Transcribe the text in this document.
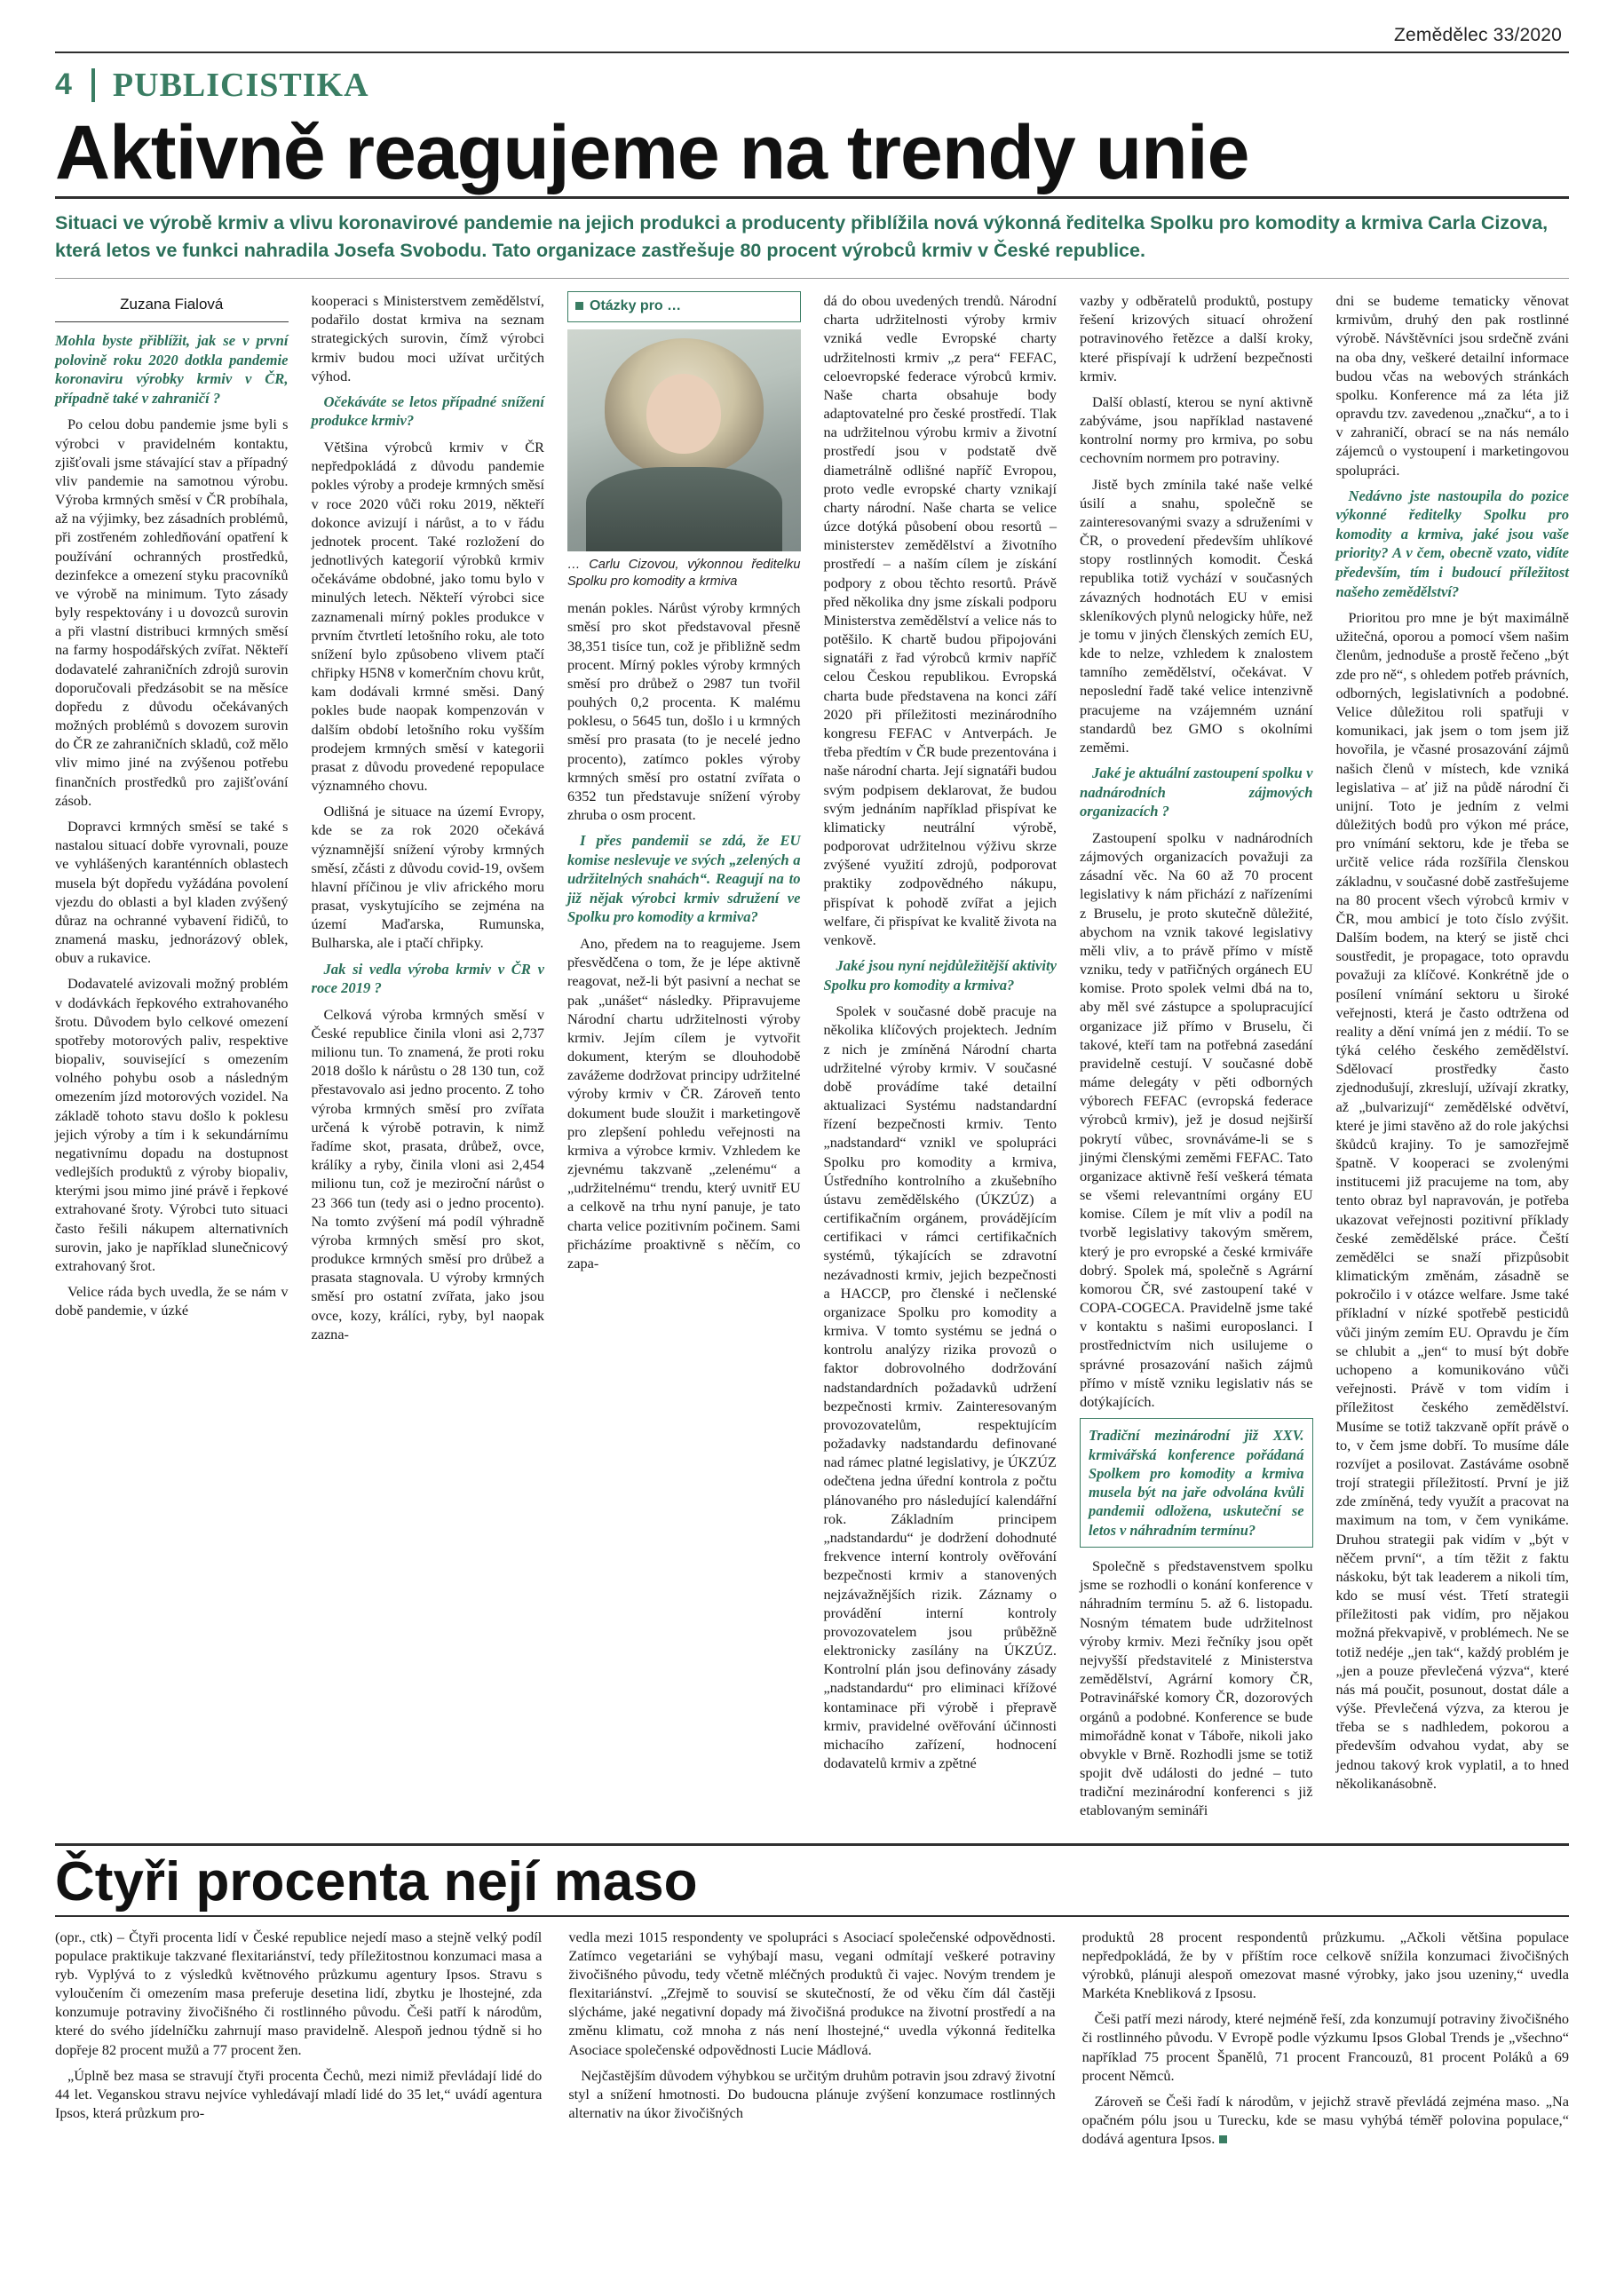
Zemědělec 33/2020
4	PUBLICISTIKA
Aktivně reagujeme na trendy unie
Situaci ve výrobě krmiv a vlivu koronavirové pandemie na jejich produkci a producenty přiblížila nová výkonná ředitelka Spolku pro komodity a krmiva Carla Cizova, která letos ve funkci nahradila Josefa Svobodu. Tato organizace zastřešuje 80 procent výrobců krmiv v České republice.
Zuzana Fialová

Mohla byste přiblížit, jak se v první polovině roku 2020 dotkla pandemie koronaviru výrobky krmiv v ČR, případně také v zahraničí ?

Po celou dobu pandemie jsme byli s výrobci v pravidelném kontaktu, zjišťovali jsme stávající stav a případný vliv pandemie na samotnou výrobu. Výroba krmných směsí v ČR probíhala, až na výjimky, bez zásadních problémů, při zostřeném zohledňování opatření k používání ochranných prostředků, dezinfekce a omezení styku pracovníků ve výrobě na minimum. Tyto zásady byly respektovány i u dovozců surovin a při vlastní distribuci krmných směsí na farmy hospodářských zvířat. Někteří dodavatelé zahraničních zdrojů surovin doporučovali předzásobit se na měsíce dopředu z důvodu očekávaných možných problémů s dovozem surovin do ČR ze zahraničních skladů, což mělo vliv mimo jiné na zvýšenou potřebu finančních prostředků pro zajišťování zásob.

Dopravci krmných směsí se také s nastalou situací dobře vyrovnali, pouze ve vyhlášených karanténních oblastech musela být dopředu vyžádána povolení vjezdu do oblasti a byl kladen zvýšený důraz na ochranné vybavení řidičů, to znamená masku, jednorázový oblek, obuv a rukavice.

Dodavatelé avizovali možný problém v dodávkách řepkového extrahovaného šrotu. Důvodem bylo celkové omezení spotřeby motorových paliv, respektive biopaliv, související s omezením volného pohybu osob a následným omezením jízd motorových vozidel. Na základě tohoto stavu došlo k poklesu jejich výroby a tím i k sekundárnímu negativnímu dopadu na dostupnost vedlejších produktů z výroby biopaliv, kterými jsou mimo jiné právě i řepkové extrahované šroty. Výrobci tuto situaci často řešili nákupem alternativních surovin, jako je například slunečnicový extrahovaný šrot.

Velice ráda bych uvedla, že se nám v době pandemie, v úzké

kooperaci s Ministerstvem zemědělství, podařilo dostat krmiva na seznam strategických surovin, čímž výrobci krmiv budou moci užívat určitých výhod.

Očekáváte se letos případné snížení produkce krmiv?

Většina výrobců krmiv v ČR nepředpokládá z důvodu pandemie pokles výroby a prodeje krmných směsí v roce 2020 vůči roku 2019, někteří dokonce avizují i nárůst, a to v řádu jednotek procent. Také rozložení do jednotlivých kategorií výrobků krmiv očekáváme obdobné, jako tomu bylo v minulých letech. Někteří výrobci sice zaznamenali mírný pokles produkce v prvním čtvrtletí letošního roku, ale toto snížení bylo způsobeno vlivem ptačí chřipky H5N8 v komerčním chovu krůt, kam dodávali krmné směsi. Daný pokles bude naopak kompenzován v dalším období letošního roku vyšším prodejem krmných směsí v kategorii prasat z důvodu provedené repopulace významného chovu.

Odlišná je situace na území Evropy, kde se za rok 2020 očekává významnější snížení výroby krmných směsí, zčásti z důvodu covid-19, ovšem hlavní příčinou je vliv afrického moru prasat, vyskytujícího se zejména na území Maďarska, Rumunska, Bulharska, ale i ptačí chřipky.

Jak si vedla výroba krmiv v ČR v roce 2019 ?

Celková výroba krmných směsí v České republice činila vloni asi 2,737 milionu tun. To znamená, že proti roku 2018 došlo k nárůstu o 28 130 tun, což přestavovalo asi jedno procento. Z toho výroba krmných směsí pro zvířata určená k výrobě potravin, k nimž řadíme skot, prasata, drůbež, ovce, králíky a ryby, činila vloni asi 2,454 milionu tun, což je meziroční nárůst o 23 366 tun (tedy asi o jedno procento). Na tomto zvýšení má podíl výhradně výroba krmných směsí pro skot, produkce krmných směsí pro drůbež a prasata stagnovala. U výroby krmných směsí pro ostatní zvířata, jako jsou ovce, kozy, králíci, ryby, byl naopak zazna-

Otázky pro …
… Carlu Cizovou, výkonnou ředitelku Spolku pro komodity a krmiva

menán pokles. Nárůst výroby krmných směsí pro skot představoval přesně 38,351 tisíce tun, což je přibližně sedm procent. Mírný pokles výroby krmných směsí pro drůbež o 2987 tun tvořil pouhých 0,2 procenta. K malému poklesu, o 5645 tun, došlo i u krmných směsí pro prasata (to je necelé jedno procento), zatímco pokles výroby krmných směsí pro ostatní zvířata o 6352 tun představuje snížení výroby zhruba o osm procent.

I přes pandemii se zdá, že EU komise neslevuje ve svých „zelených a udržitelných snahách“. Reagují na to již nějak výrobci krmiv sdružení ve Spolku pro komodity a krmiva?

Ano, předem na to reagujeme. Jsem přesvědčena o tom, že je lépe aktivně reagovat, než-li být pasivní a nechat se pak „unášet“ následky. Připravujeme Národní chartu udržitelnosti výroby krmiv. Jejím cílem je vytvořit dokument, kterým se dlouhodobě zavážeme dodržovat principy udržitelné výroby krmiv v ČR. Zároveň tento dokument bude sloužit i marketingově pro zlepšení pohledu veřejnosti na krmiva a výrobce krmiv. Vzhledem ke zjevnému takzvaně „zelenému“ a „udržitelnému“ trendu, který uvnitř EU a celkově na trhu nyní panuje, je tato charta velice pozitivním počinem. Sami přicházíme proaktivně s něčím, co zapa-

dá do obou uvedených trendů. Národní charta udržitelnosti výroby krmiv vzniká vedle Evropské charty udržitelnosti krmiv „z pera“ FEFAC, celoevropské federace výrobců krmiv. Naše charta obsahuje body adaptovatelné pro české prostředí. Tlak na udržitelnou výrobu krmiv a životní prostředí jsou v podstatě dvě diametrálně odlišné napříč Evropou, proto vedle evropské charty vznikají charty národní. Naše charta se velice úzce dotýká působení obou resortů – ministerstev zemědělství a životního prostředí – a naším cílem je získání podpory z obou těchto resortů. Právě před několika dny jsme získali podporu Ministerstva zemědělství a velice nás to potěšilo. K chartě budou připojováni signatáři z řad výrobců krmiv napříč celou Českou republikou. Evropská charta bude představena na konci září 2020 při příležitosti mezinárodního kongresu FEFAC v Antverpách. Je třeba předtím v ČR bude prezentována i naše národní charta. Její signatáři budou svým podpisem deklarovat, že budou svým jednáním například přispívat ke klimaticky neutrální výrobě, podporovat udržitelnou výživu skrze zvýšené využití zdrojů, podporovat praktiky zodpovědného nákupu, přispívat k pohodě zvířat a jejich welfare, či přispívat ke kvalitě života na venkově.

Jaké jsou nyní nejdůležitější aktivity Spolku pro komodity a krmiva?

Spolek v současné době pracuje na několika klíčových projektech. Jedním z nich je zmíněná Národní charta udržitelné výroby krmiv. V současné době provádíme také detailní aktualizaci Systému nadstandardní řízení bezpečnosti krmiv. Tento „nadstandard“ vznikl ve spolupráci Spolku pro komodity a krmiva, Ústředního kontrolního a zkušebního ústavu zemědělského (ÚKZÚZ) a certifikačním orgánem, provádějícím certifikaci v rámci certifikačních systémů, týkajících se zdravotní nezávadnosti krmiv, jejich bezpečnosti a HACCP, pro členské i nečlenské organizace Spolku pro komodity a krmiva. V tomto systému se jedná o kontrolu analýzy rizika provozů o faktor dobrovolného dodržování nadstandardních požadavků udržení bezpečnosti krmiv. Zainteresovaným provozovatelům, respektujícím požadavky nadstandardu definované nad rámec platné legislativy, je ÚKZÚZ odečtena jedna úřední kontrola z počtu plánovaného pro následující kalendářní rok. Základním principem „nadstandardu“ je dodržení dohodnuté frekvence interní kontroly ověřování bezpečnosti krmiv a stanovených nejzávažnějších rizik. Záznamy o provádění interní kontroly provozovatelem jsou průběžně elektronicky zasílány na ÚKZÚZ. Kontrolní plán jsou definovány zásady „nadstandardu“ pro eliminaci křížové kontaminace při výrobě i přepravě krmiv, pravidelné ověřování účinnosti michacího zařízení, hodnocení dodavatelů krmiv a zpětné

vazby y odběratelů produktů, postupy řešení krizových situací ohrožení potravinového řetězce a další kroky, které přispívají k udržení bezpečnosti krmiv.

Další oblastí, kterou se nyní aktivně zabýváme, jsou například nastavené kontrolní normy pro krmiva, po sobu cechovním normem pro potraviny.

Jistě bych zmínila také naše velké úsilí a snahu, společně se zainteresovanými svazy a sdruženími v ČR, o provedení především uhlíkové stopy rostlinných komodit. Česká republika totiž vychází v současných závazných hodnotách EU v emisi skleníkových plynů nelogicky hůře, než je tomu v jiných členských zemích EU, kde to nelze, vzhledem k znalostem tamního zemědělství, očekávat. V neposlední řadě také velice intenzivně pracujeme na vzájemném uznání standardů bez GMO s okolními zeměmi.

Jaké je aktuální zastoupení spolku v nadnárodních zájmových organizacích ?

Zastoupení spolku v nadnárodních zájmových organizacích považuji za zásadní věc. Na 60 až 70 procent legislativy k nám přichází z nařízeními z Bruselu, je proto skutečně důležité, abychom na vznik takové legislativy měli vliv, a to právě přímo v místě vzniku, tedy v patřičných orgánech EU komise. Proto spolek velmi dbá na to, aby měl své zástupce a spolupracující organizace již přímo v Bruselu, či takové, kteří tam na potřebná zasedání pravidelně cestují. V současné době máme delegáty v pěti odborných výborech FEFAC (evropská federace výrobců krmiv), jež je dosud nejširší pokrytí vůbec, srovnáváme-li se s jinými členskými zeměmi FEFAC. Tato organizace aktivně řeší veškerá témata se všemi relevantními orgány EU komise. Cílem je mít vliv a podíl na tvorbě legislativy takovým směrem, který je pro evropské a české krmiváře dobrý. Spolek má, společně s Agrární komorou ČR, své zastoupení také v COPA-COGECA. Pravidelně jsme také v kontaktu s našimi europoslanci. I prostřednictvím nich usilujeme o správné prosazování našich zájmů přímo v místě vzniku legislativ nás se dotýkajících.

Tradiční mezinárodní již XXV. krmivářská konference pořádaná Spolkem pro komodity a krmiva musela být na jaře odvolána kvůli pandemii odložena, uskuteční se letos v náhradním termínu?

Společně s představenstvem spolku jsme se rozhodli o konání konference v náhradním termínu 5. až 6. listopadu. Nosným tématem bude udržitelnost výroby krmiv. Mezi řečníky jsou opět nejvyšší představitelé z Ministerstva zemědělství, Agrární komory ČR, Potravinářské komory ČR, dozorových orgánů a podobné. Konference se bude mimořádně konat v Táboře, nikoli jako obvykle v Brně. Rozhodli jsme se totiž spojit dvě události do jedné – tuto tradiční mezinárodní konferenci s již etablovaným semináři

dni se budeme tematicky věnovat krmivům, druhý den pak rostlinné výrobě. Návštěvníci jsou srdečně zváni na oba dny, veškeré detailní informace budou včas na webových stránkách spolku. Konference má za léta již opravdu tzv. zavedenou „značku“, a to i v zahraničí, obrací se na nás nemálo zájemců o vystoupení i marketingovou spolupráci.

Nedávno jste nastoupila do pozice výkonné ředitelky Spolku pro komodity a krmiva, jaké jsou vaše priority? A v čem, obecně vzato, vidíte především, tím i budoucí příležitost našeho zemědělství?

Prioritou pro mne je být maximálně užitečná, oporou a pomocí všem našim členům, jednoduše a prostě řečeno „být zde pro ně“, s ohledem potřeb právních, odborných, legislativních a podobné. Velice důležitou roli spatřuji v komunikaci, jak jsem o tom jsem již hovořila, je včasné prosazování zájmů našich členů v místech, kde vzniká legislativa – ať již na půdě národní či unijní. Toto je jedním z velmi důležitých bodů pro výkon mé práce, pro vnímání sektoru, kde je třeba se určitě velice ráda rozšířila členskou základnu, v současné době zastřešujeme na 80 procent všech výrobců krmiv v ČR, mou ambicí je toto číslo zvýšit. Dalším bodem, na který se jistě chci soustředit, je propagace, toto opravdu považuji za klíčové. Konkrétně jde o posílení vnímání sektoru u široké veřejnosti, která je často odtržena od reality a dění vnímá jen z médií. To se týká celého českého zemědělství. Sdělovací prostředky často zjednodušují, zkreslují, užívají zkratky, až „bulvarizují“ zemědělské odvětví, které je jimi stavěno až do role jakýchsi škůdců krajiny. To je samozřejmě špatně. V kooperaci se zvolenými institucemi již pracujeme na tom, aby tento obraz byl napravován, je potřeba ukazovat veřejnosti pozitivní příklady české zemědělské práce. Čeští zemědělci se snaží přizpůsobit klimatickým změnám, zásadně se pokročilo i v otázce welfare. Jsme také příkladní v nízké spotřebě pesticidů vůči jiným zemím EU. Opravdu je čím se chlubit a „jen“ to musí být dobře uchopeno a komunikováno vůči veřejnosti. Právě v tom vidím i příležitost českého zemědělství. Musíme se totiž takzvaně opřít právě o to, v čem jsme dobří. To musíme dále rozvíjet a posilovat. Zastáváme osobně trojí strategii příležitostí. První je již zde zmíněná, tedy využít a pracovat na maximum na tom, v čem vynikáme. Druhou strategii pak vidím v „být v něčem první“, a tím těžit z faktu náskoku, být tak leaderem a nikoli tím, kdo se musí vést. Třetí strategii příležitosti pak vidím, pro nějakou možná překvapivě, v problémech. Ne se totiž nedéje „jen tak“, každý problém je „jen a pouze převlečená výzva“, které nás má poučit, posunout, dostat dále a výše. Převlečená výzva, za kterou je třeba se s nadhledem, pokorou a především odvahou vydat, aby se jednou takový krok vyplatil, a to hned několikanásobně.

Čtyři procenta nejí maso

(opr., ctk) – Čtyři procenta lidí v České republice nejedí maso a stejně velký podíl populace praktikuje takzvané flexitariánství, tedy příležitostnou konzumaci masa a ryb. Vyplývá to z výsledků květnového průzkumu agentury Ipsos. Stravu s vyloučením či omezením masa preferuje desetina lidí, zbytku je lhostejné, zda konzumuje potraviny živočišného či rostlinného původu. Češi patří k národům, které do svého jídelníčku zahrnují maso pravidelně. Alespoň jednou týdně si ho dopřeje 82 procent mužů a 77 procent žen.

„Úplně bez masa se stravují čtyři procenta Čechů, mezi nimiž převládají lidé do 44 let. Veganskou stravu nejvíce vyhledávají mladí lidé do 35 let,“ uvádí agentura Ipsos, která průzkum pro-

vedla mezi 1015 respondenty ve spolupráci s Asociací společenské odpovědnosti. Zatímco vegetariáni se vyhýbají masu, vegani odmítají veškeré potraviny živočišného původu, tedy včetně mléčných produktů či vajec. Novým trendem je flexitariánství. „Zřejmě to souvisí se skutečností, že od věku čím dál častěji slýcháme, jaké negativní dopady má živočišná produkce na životní prostředí a na změnu klimatu, což mnoha z nás není lhostejné,“ uvedla výkonná ředitelka Asociace společenské odpovědnosti Lucie Mádlová.

Nejčastějším důvodem výhybkou se určitým druhům potravin jsou zdravý životní styl a snížení hmotnosti. Do budoucna plánuje zvýšení konzumace rostlinných alternativ na úkor živočišných

produktů 28 procent respondentů průzkumu. „Ačkoli většina populace nepředpokládá, že by v příštím roce celkově snížila konzumaci živočišných výrobků, plánuji alespoň omezovat masné výrobky, jako jsou uzeniny,“ uvedla Markéta Knebliková z Ipsosu.

Češi patří mezi národy, které nejméně řeší, zda konzumují potraviny živočišného či rostlinného původu. V Evropě podle výzkumu Ipsos Global Trends je „všechno“ například 75 procent Španělů, 71 procent Francouzů, 81 procent Poláků a 69 procent Němců.

Zároveň se Češi řadí k národům, v jejichž stravě převládá zejména maso. „Na opačném pólu jsou u Turecku, kde se masu vyhýbá téměř polovina populace,“ dodává agentura Ipsos.
